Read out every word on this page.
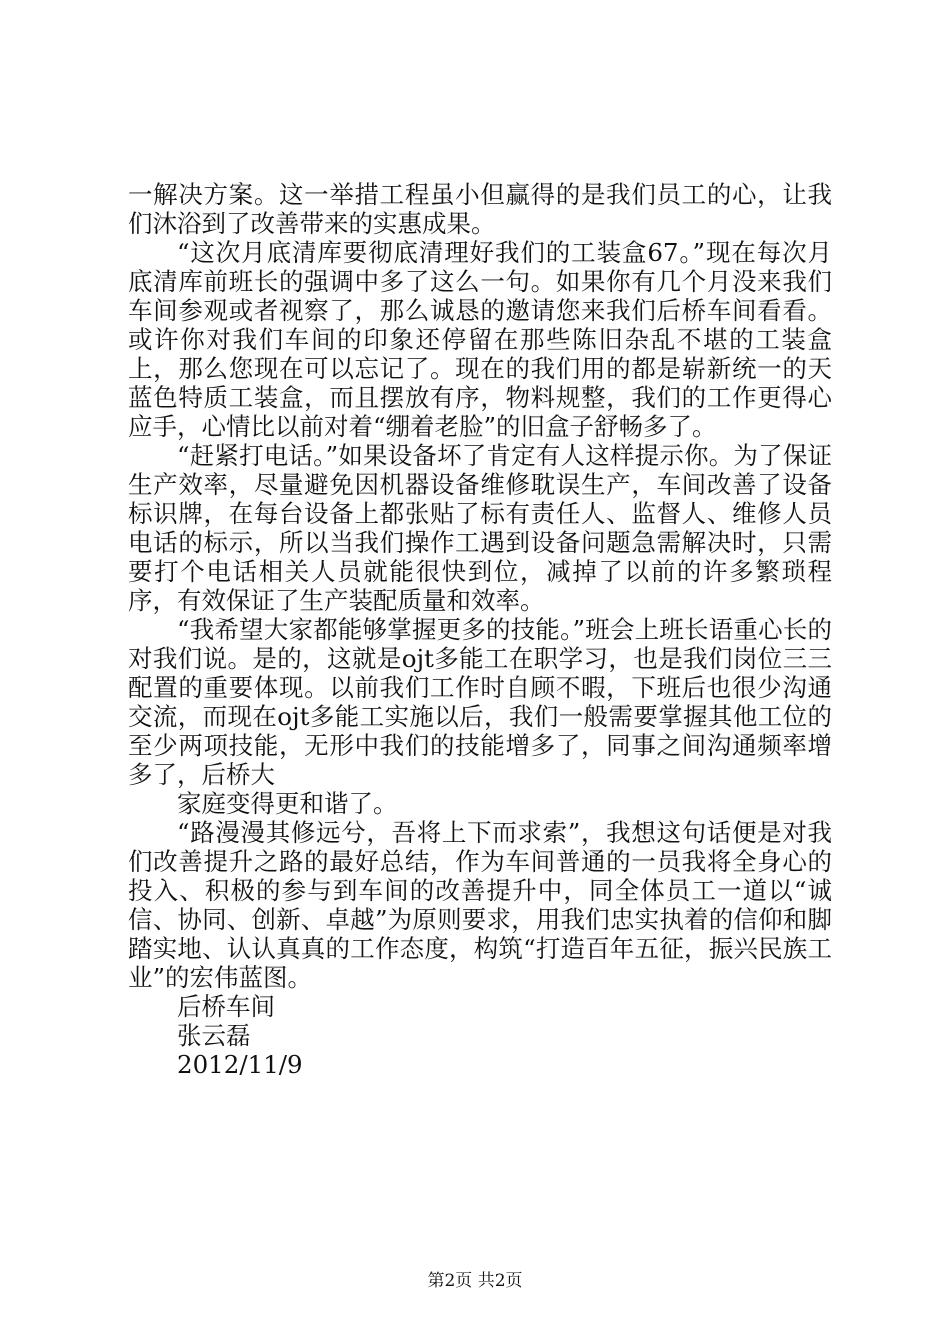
一解决方案。这一举措工程虽小但赢得的是我们员工的心，让我们沐浴到了改善带来的实惠成果。

“这次月底清库要彻底清理好我们的工装盒67。”现在每次月底清库前班长的强调中多了这么一句。如果你有几个月没来我们车间参观或者视察了，那么诚恳的邀请您来我们后桥车间看看。或许你对我们车间的印象还停留在那些陈旧杂乱不堪的工装盒上，那么您现在可以忘记了。现在的我们用的都是崭新统一的天蓝色特质工装盒，而且摆放有序，物料规整，我们的工作更得心应手，心情比以前对着“绷着老脸”的旧盒子舒畅多了。

“赶紧打电话。”如果设备坏了肯定有人这样提示你。为了保证生产效率，尽量避免因机器设备维修耽误生产，车间改善了设备标识牌，在每台设备上都张贴了标有责任人、监督人、维修人员电话的标示，所以当我们操作工遇到设备问题急需解决时，只需要打个电话相关人员就能很快到位，减掉了以前的许多繁琐程序，有效保证了生产装配质量和效率。

“我希望大家都能够掌握更多的技能。”班会上班长语重心长的对我们说。是的，这就是ojt多能工在职学习，也是我们岗位三三配置的重要体现。以前我们工作时自顾不暇，下班后也很少沟通交流，而现在ojt多能工实施以后，我们一般需要掌握其他工位的至少两项技能，无形中我们的技能增多了，同事之间沟通频率增多了，后桥大

家庭变得更和谐了。

“路漫漫其修远兮，吾将上下而求索”，我想这句话便是对我们改善提升之路的最好总结，作为车间普通的一员我将全身心的投入、积极的参与到车间的改善提升中，同全体员工一道以“诚信、协同、创新、卓越”为原则要求，用我们忠实执着的信仰和脚踏实地、认认真真的工作态度，构筑“打造百年五征，振兴民族工业”的宏伟蓝图。

后桥车间

张云磊

2012/11/9

第2页 共2页
